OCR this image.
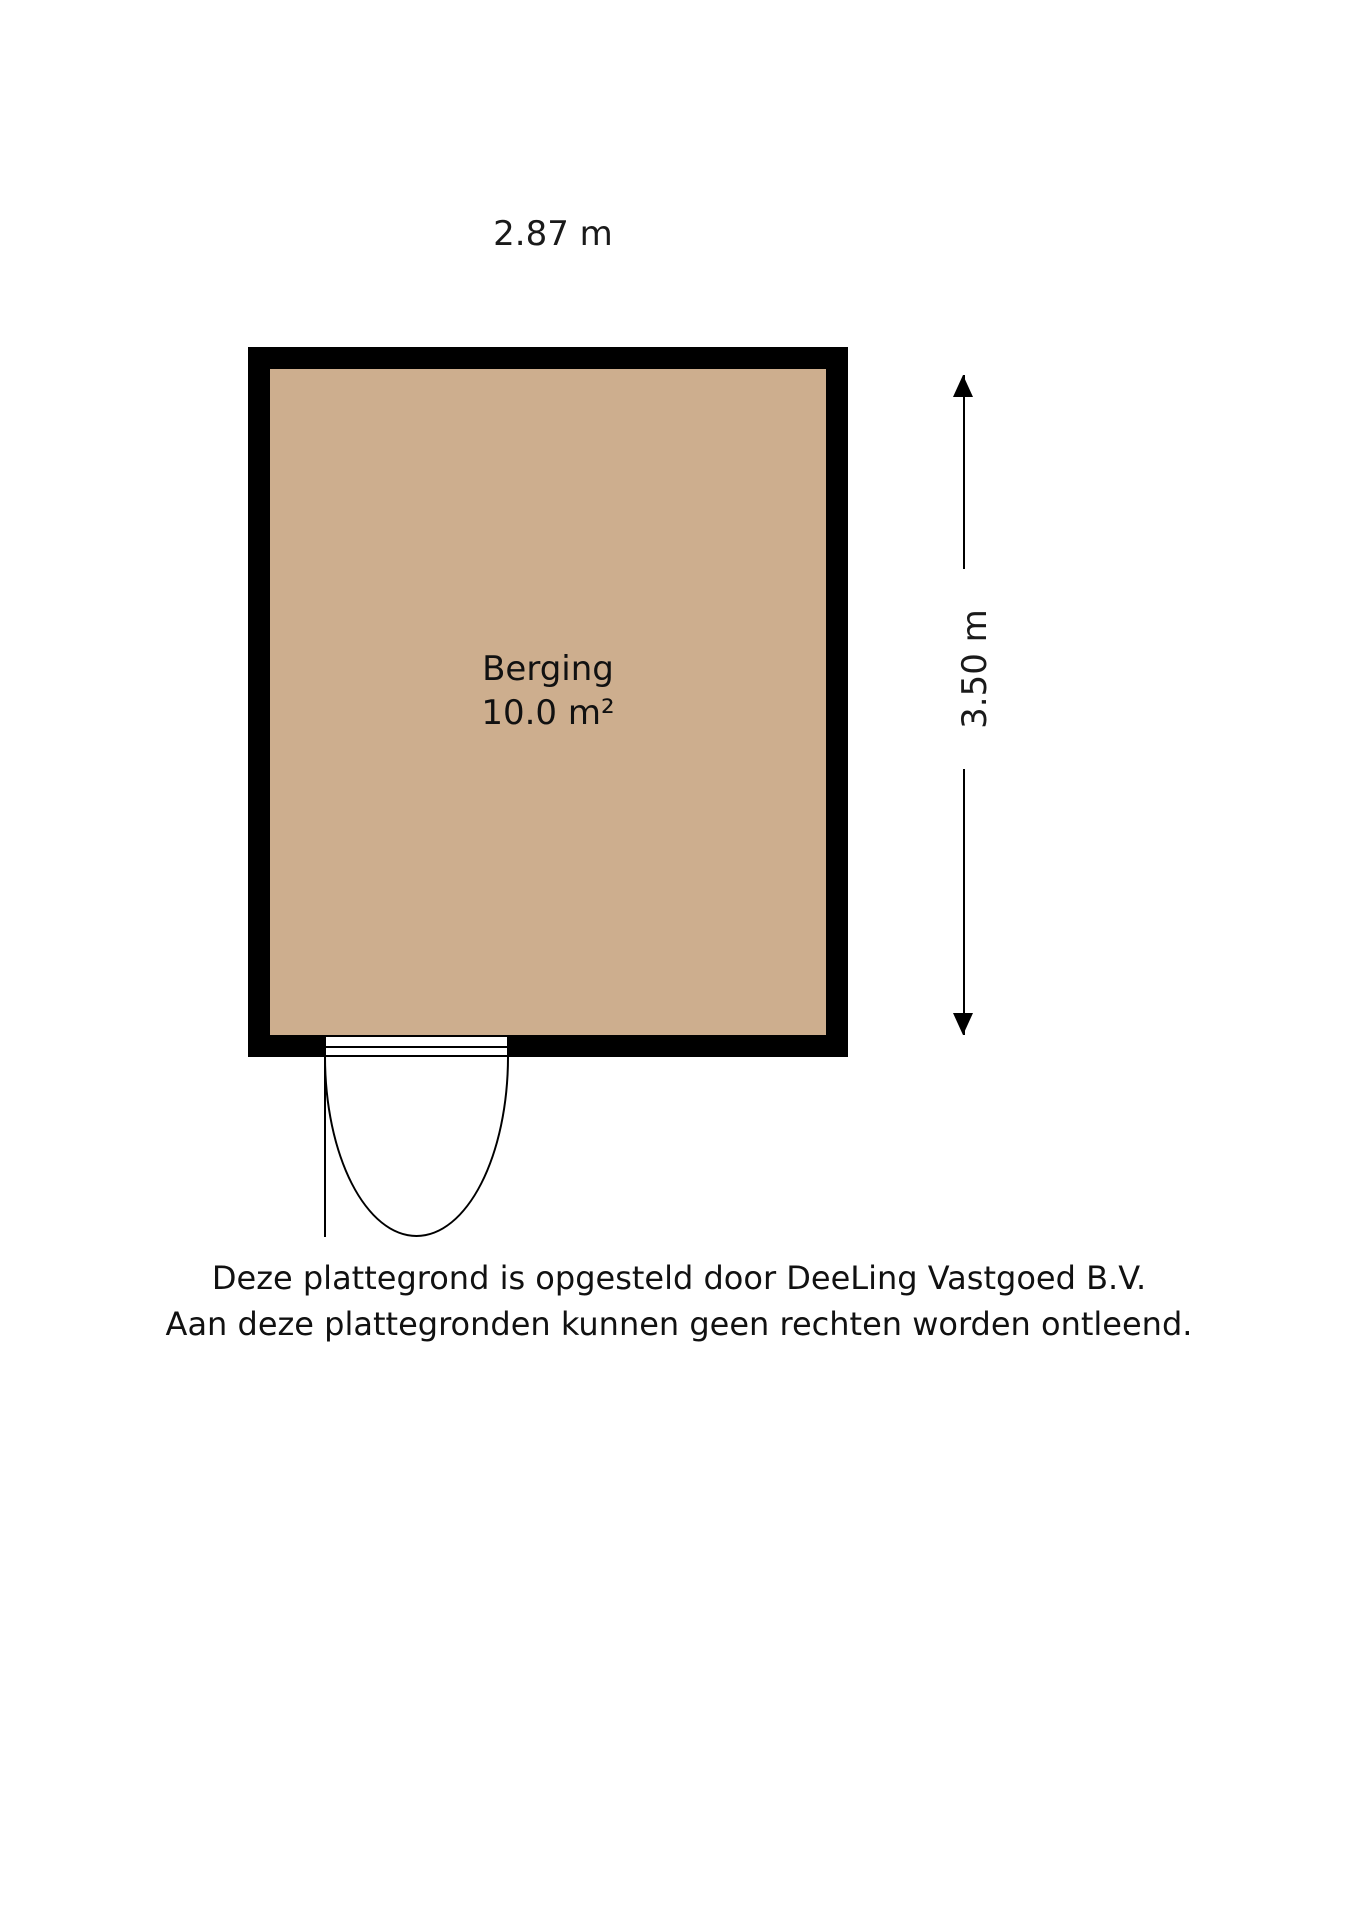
2.87 m
Berging
10.0 m²	3.50 m
Deze plattegrond is opgesteld door DeeLing Vastgoed B.V.
Aan deze plattegronden kunnen geen rechten worden ontleend.
